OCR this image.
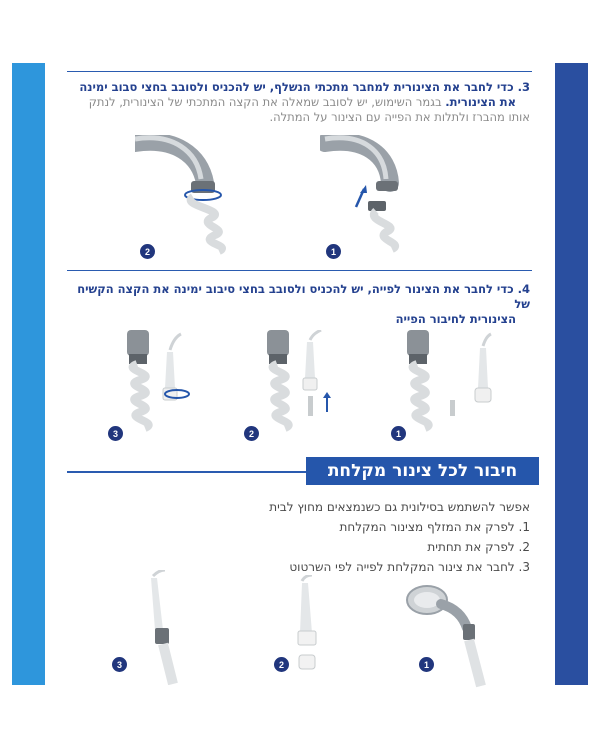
3. כדי לחבר את הצינורית למחבר מתכתי הנשלף, יש להכניס ולסובב בחצי סבוב ימינה
את הצינורית. בגמר השימוש, יש לסובב שמאלה את הקצה המתכתי של הצינורית, לנתק
אותו מהברז ולתלות את הפייה עם הצינור על המתלה.
2	1
4. כדי לחבר את הצינור לפייה, יש להכניס ולסובב בחצי סיבוב ימינה את הקצה הקשיח של
הצינורית לחיבור הפייה
3	2	1
חיבור לכל צינור מקלחת
אפשר להשתמש בסילונית גם כשנמצאים מחוץ לבית
1. לפרק את המזלף מצינור המקלחת
2. לפרק את תחתית
3. לחבר את צינור המקלחת לפייה לפי השרטוט
3	2	1
